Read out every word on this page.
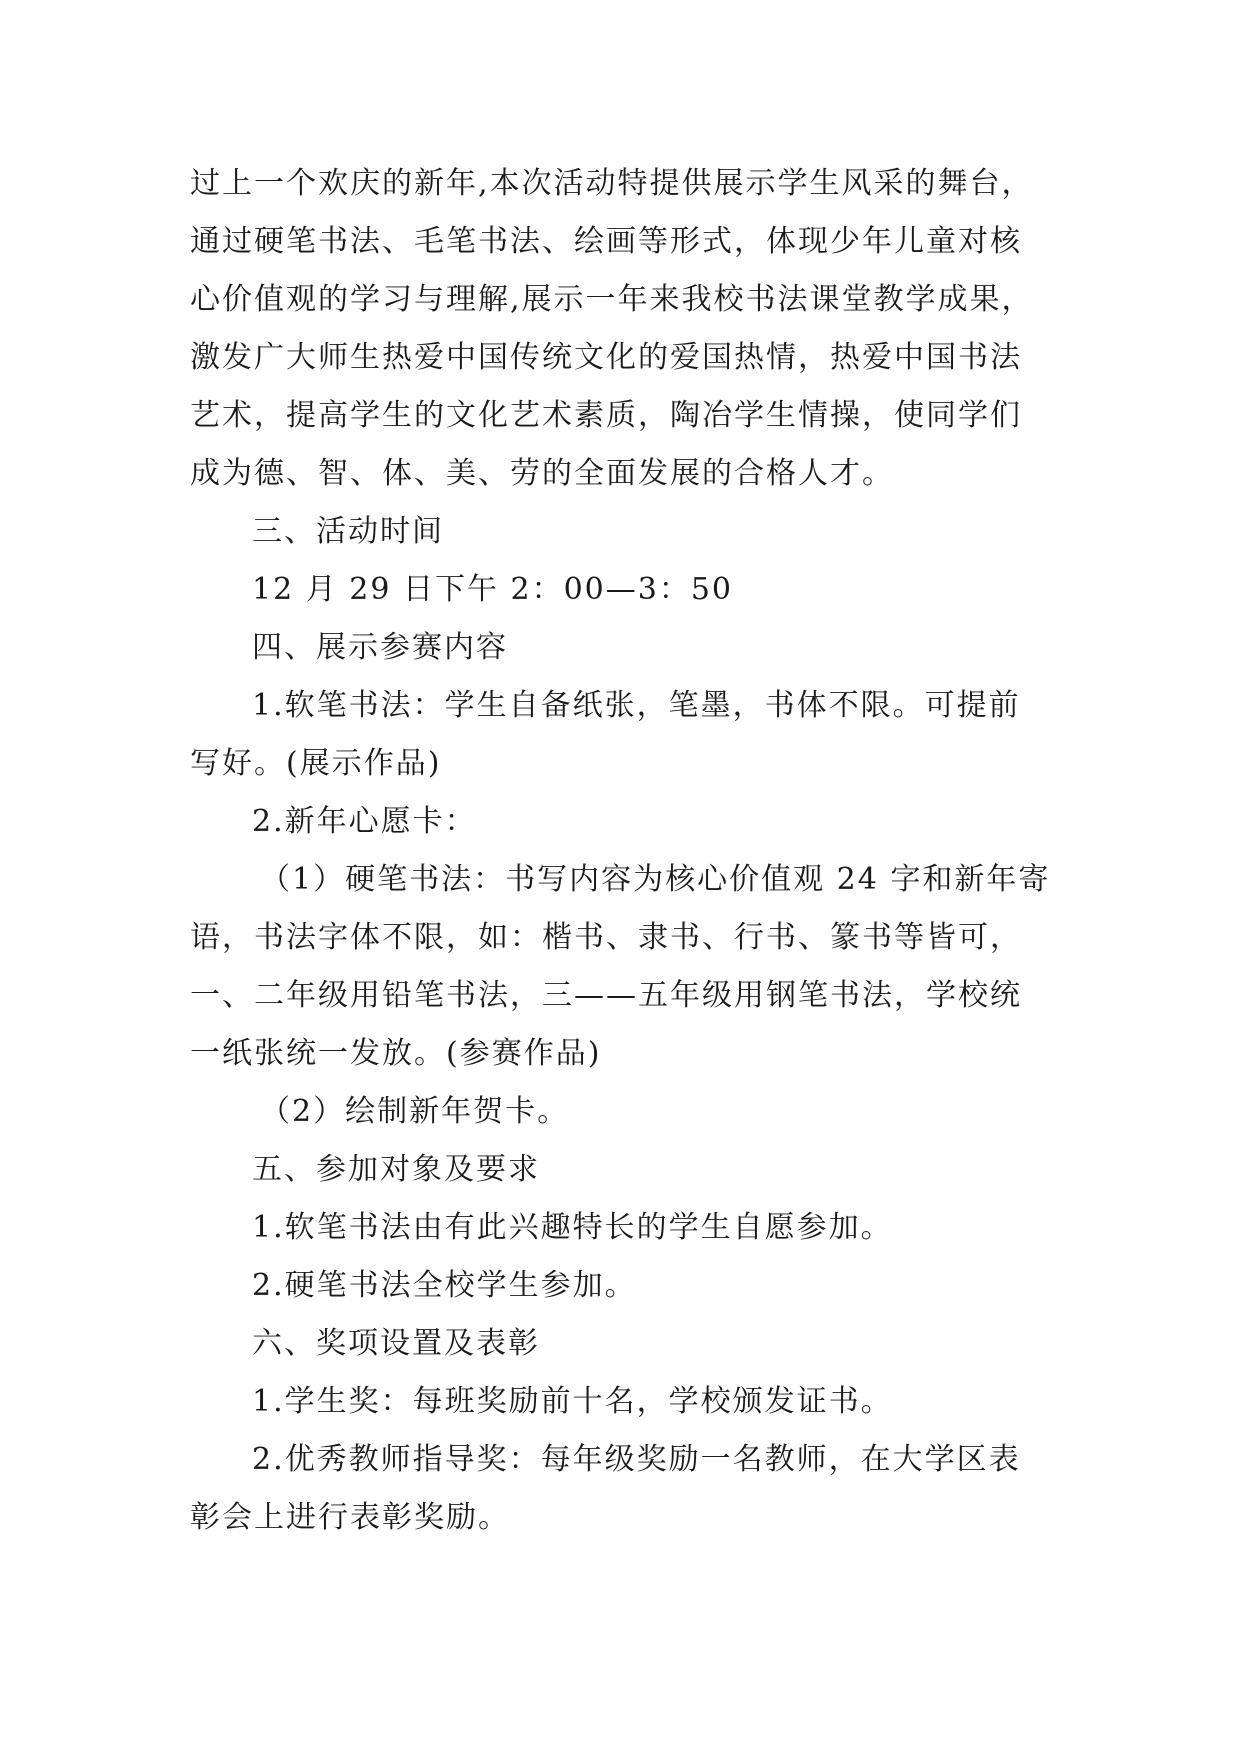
过上一个欢庆的新年,本次活动特提供展示学生风采的舞台，
通过硬笔书法、毛笔书法、绘画等形式，体现少年儿童对核
心价值观的学习与理解,展示一年来我校书法课堂教学成果，
激发广大师生热爱中国传统文化的爱国热情，热爱中国书法
艺术，提高学生的文化艺术素质，陶冶学生情操，使同学们
成为德、智、体、美、劳的全面发展的合格人才。
三、活动时间
12 月 29 日下午 2：00—3：50
四、展示参赛内容
1.软笔书法：学生自备纸张，笔墨，书体不限。可提前
写好。(展示作品)
2.新年心愿卡：
（1）硬笔书法：书写内容为核心价值观 24 字和新年寄
语，书法字体不限，如：楷书、隶书、行书、篆书等皆可，
一、二年级用铅笔书法，三——五年级用钢笔书法，学校统
一纸张统一发放。(参赛作品)
（2）绘制新年贺卡。
五、参加对象及要求
1.软笔书法由有此兴趣特长的学生自愿参加。
2.硬笔书法全校学生参加。
六、奖项设置及表彰
1.学生奖：每班奖励前十名，学校颁发证书。
2.优秀教师指导奖：每年级奖励一名教师，在大学区表
彰会上进行表彰奖励。
